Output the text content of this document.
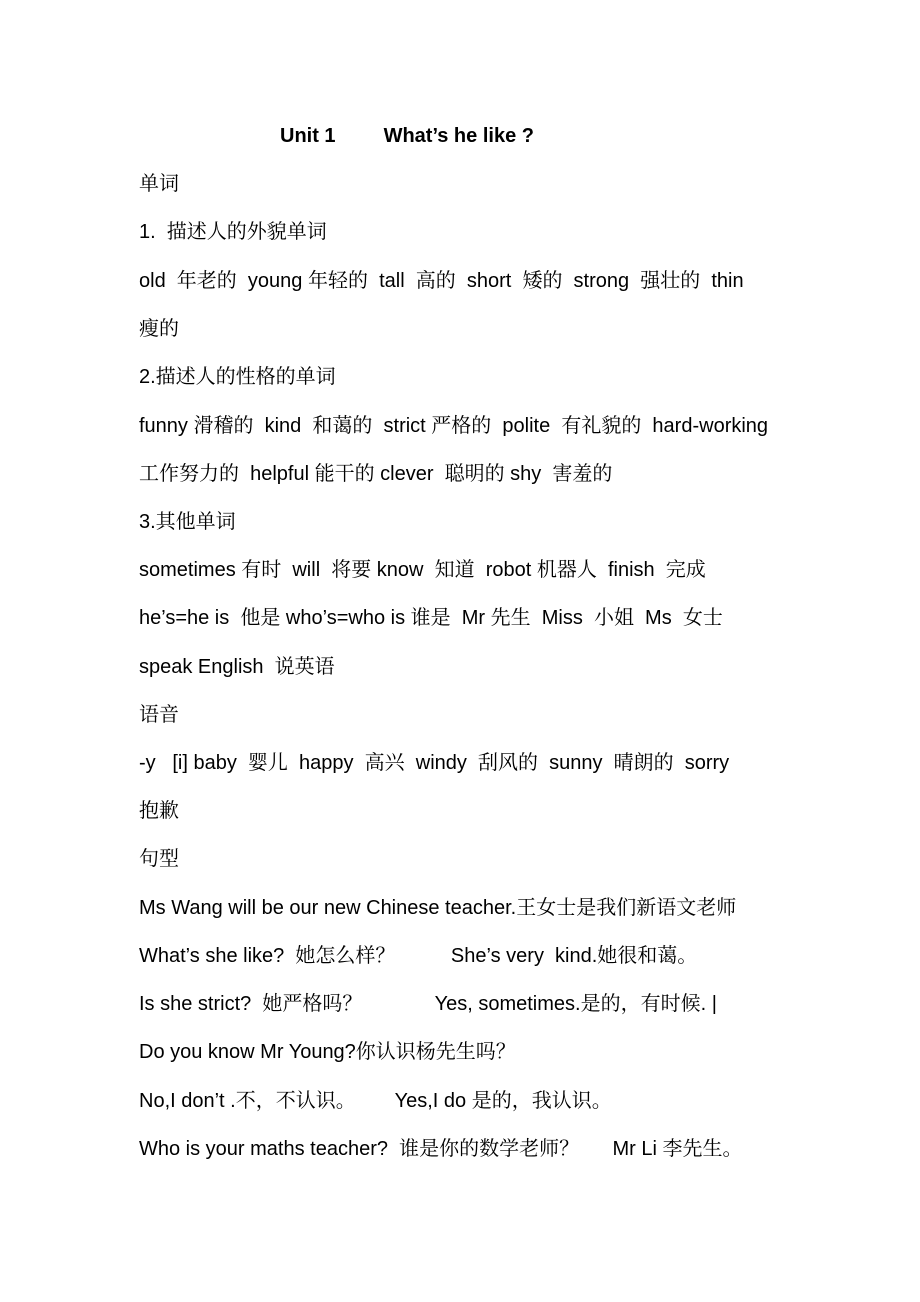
Unit 1 What’s he like ?
单词
1.  描述人的外貌单词
old  年老的  young 年轻的  tall  高的  short  矮的  strong  强壮的  thin
瘦的
2.描述人的性格的单词
funny 滑稽的  kind  和蔼的  strict 严格的  polite  有礼貌的  hard-working
工作努力的  helpful 能干的 clever  聪明的 shy  害羞的
3.其他单词
sometimes 有时  will  将要 know  知道  robot 机器人  finish  完成
he’s=he is  他是 who’s=who is 谁是  Mr 先生  Miss  小姐  Ms  女士
speak English  说英语
语音
-y   [i] baby  婴儿  happy  高兴  windy  刮风的  sunny  晴朗的  sorry
抱歉
句型
Ms Wang will be our new Chinese teacher.王女士是我们新语文老师
What’s she like?  她怎么样？          She’s very  kind.她很和蔼。
Is she strict?  她严格吗？             Yes, sometimes.是的，有时候. |
Do you know Mr Young?你认识杨先生吗？
No,I don’t .不，不认识。       Yes,I do 是的，我认识。
Who is your maths teacher?  谁是你的数学老师？      Mr Li 李先生。
